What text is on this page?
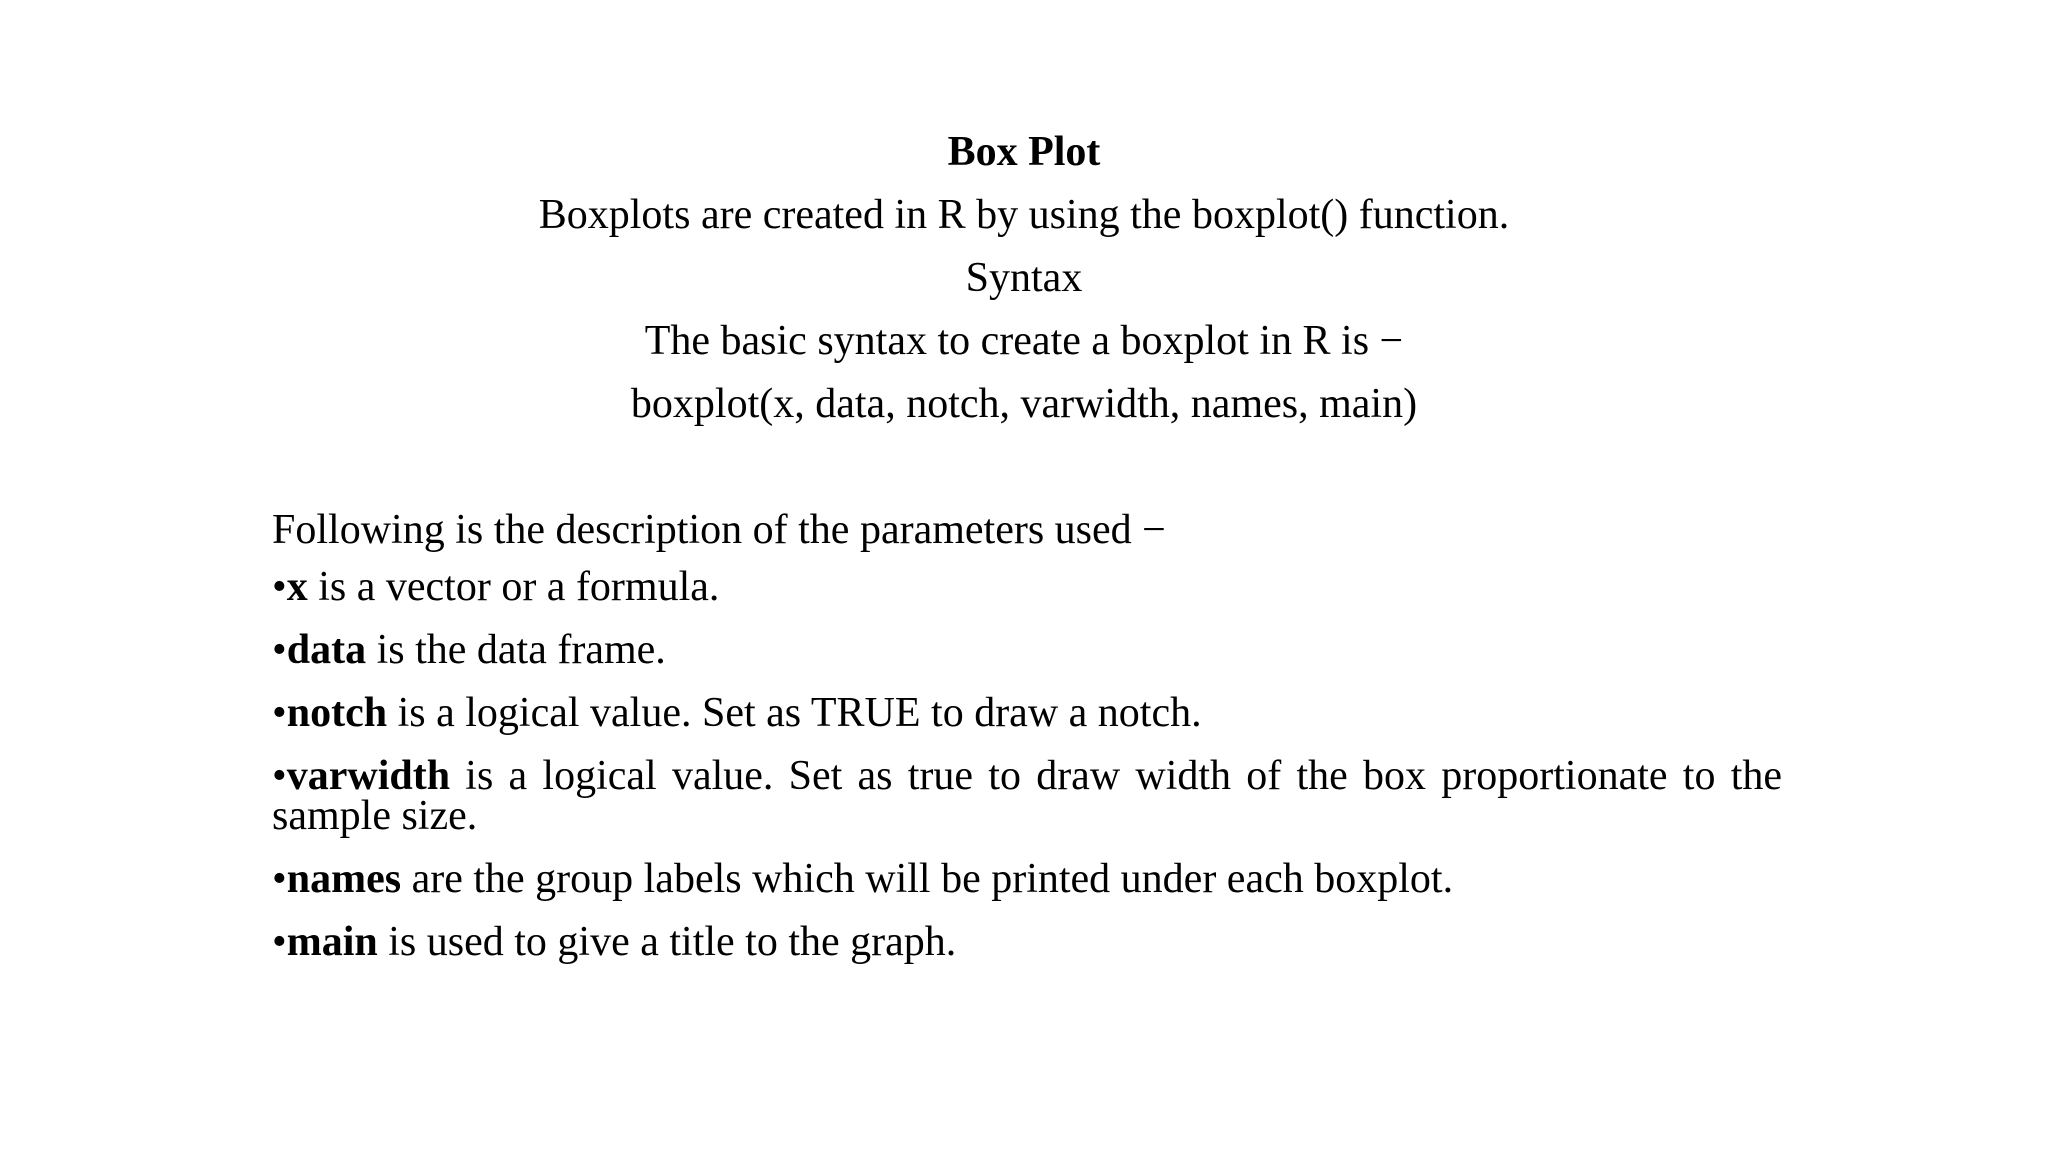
Box Plot
Boxplots are created in R by using the boxplot() function.
Syntax
The basic syntax to create a boxplot in R is −
boxplot(x, data, notch, varwidth, names, main)
Following is the description of the parameters used −
•x is a vector or a formula.
•data is the data frame.
•notch is a logical value. Set as TRUE to draw a notch.
•varwidth is a logical value. Set as true to draw width of the box proportionate to the sample size.
•names are the group labels which will be printed under each boxplot.
•main is used to give a title to the graph.
